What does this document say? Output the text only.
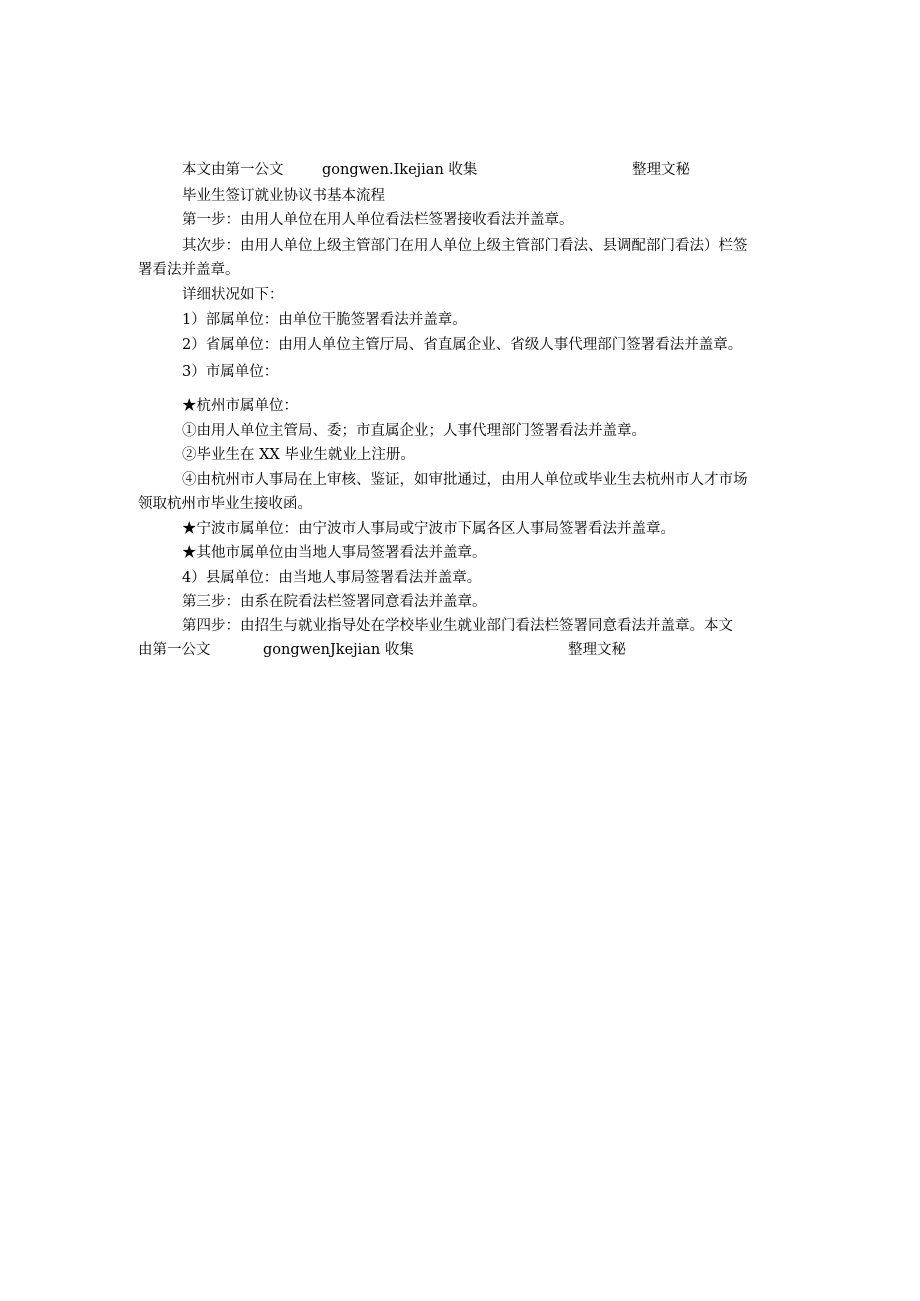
本文由第一公文	gongwen.Ikejian 收集	整理文秘
毕业生签订就业协议书基本流程
第一步：由用人单位在用人单位看法栏签署接收看法并盖章。
其次步：由用人单位上级主管部门在用人单位上级主管部门看法、县调配部门看法）栏签
署看法并盖章。
详细状况如下：
1）部属单位：由单位干脆签署看法并盖章。
2）省属单位：由用人单位主管厅局、省直属企业、省级人事代理部门签署看法并盖章。
3）市属单位：
★杭州市属单位：
①由用人单位主管局、委；市直属企业；人事代理部门签署看法并盖章。
②毕业生在 XX 毕业生就业上注册。
④由杭州市人事局在上审核、鉴证，如审批通过，由用人单位或毕业生去杭州市人才市场
领取杭州市毕业生接收函。
★宁波市属单位：由宁波市人事局或宁波市下属各区人事局签署看法并盖章。
★其他市属单位由当地人事局签署看法并盖章。
4）县属单位：由当地人事局签署看法并盖章。
第三步：由系在院看法栏签署同意看法并盖章。
第四步：由招生与就业指导处在学校毕业生就业部门看法栏签署同意看法并盖章。本文
由第一公文	gongwenJkejian 收集	整理文秘
